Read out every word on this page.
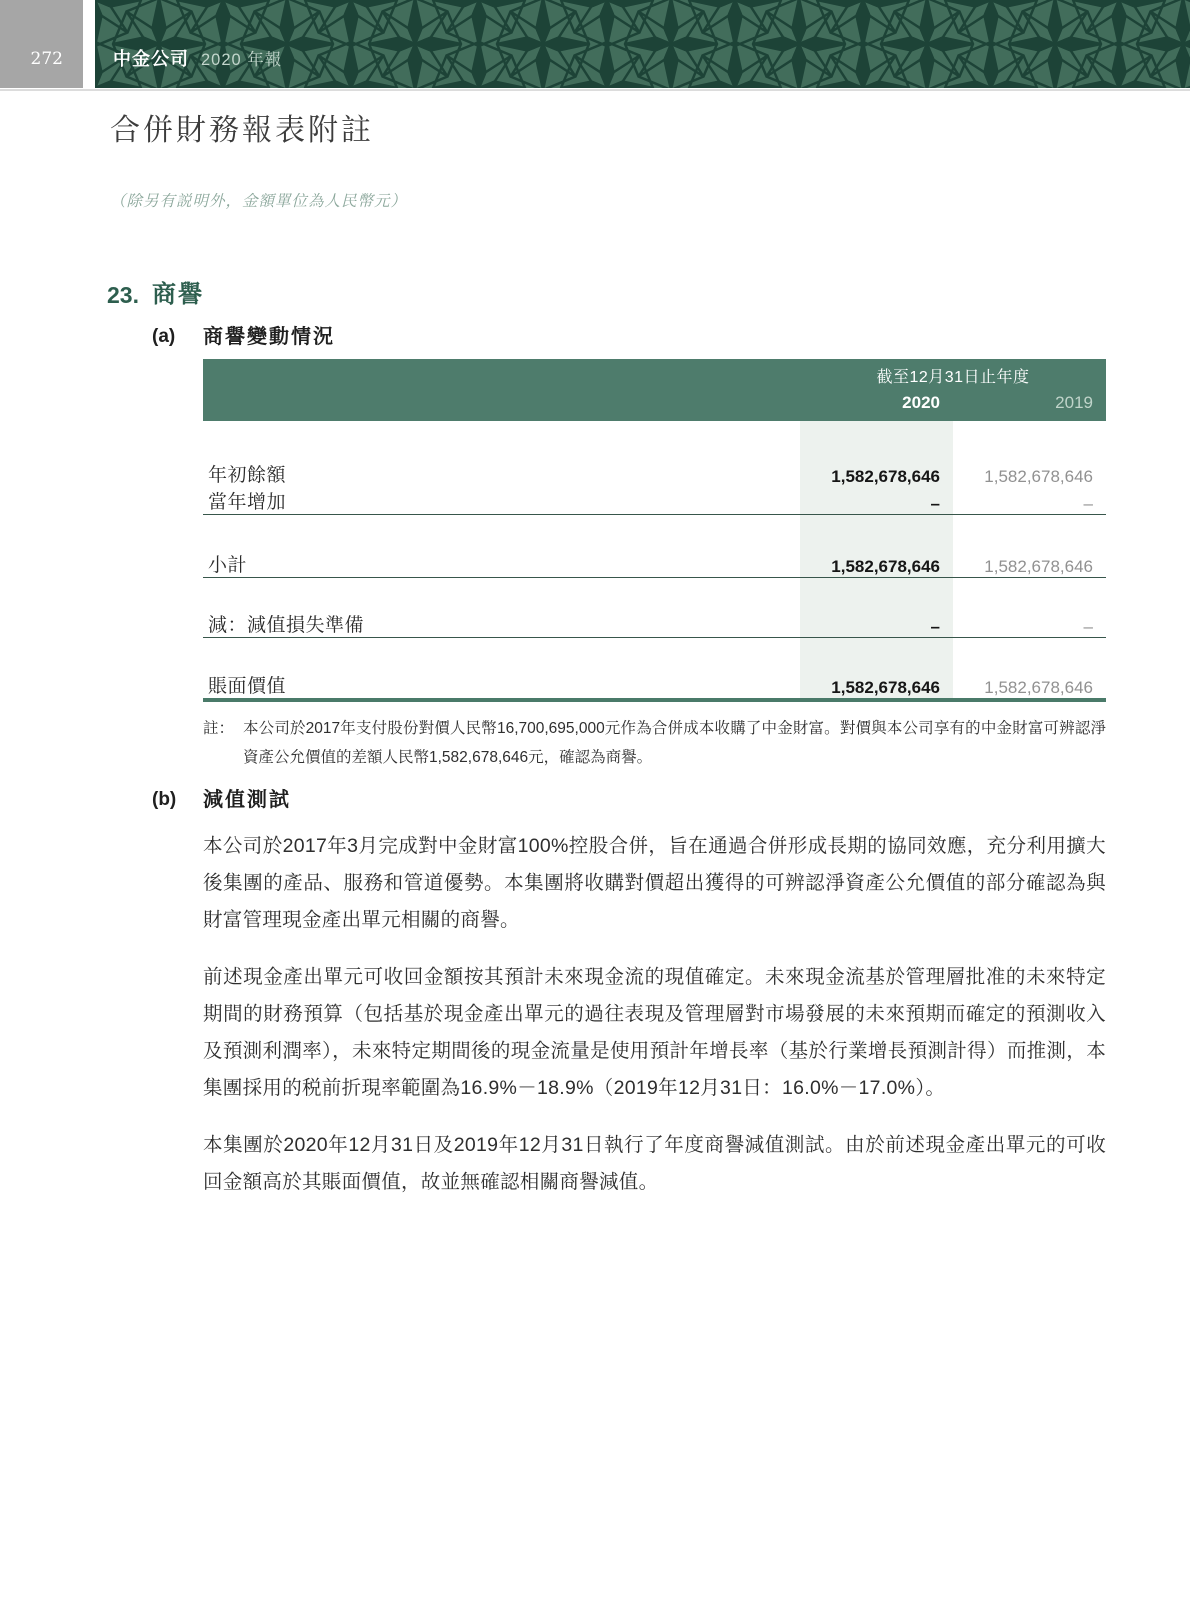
272	中金公司 2020 年報
合併財務報表附註
（除另有説明外，金額單位為人民幣元）
23. 商譽
(a)	商譽變動情況
截至12月31日止年度
2020	2019
年初餘額	1,582,678,646	1,582,678,646
當年增加	–	–
小計	1,582,678,646	1,582,678,646
減：減值損失準備	–	–
賬面價值	1,582,678,646	1,582,678,646
註： 本公司於2017年支付股份對價人民幣16,700,695,000元作為合併成本收購了中金財富。對價與本公司享有的中金財富可辨認淨資產公允價值的差額人民幣1,582,678,646元，確認為商譽。
(b)	減值測試

本公司於2017年3月完成對中金財富100%控股合併，旨在通過合併形成長期的協同效應，充分利用擴大後集團的產品、服務和管道優勢。本集團將收購對價超出獲得的可辨認淨資產公允價值的部分確認為與財富管理現金產出單元相關的商譽。

前述現金產出單元可收回金額按其預計未來現金流的現值確定。未來現金流基於管理層批准的未來特定期間的財務預算（包括基於現金產出單元的過往表現及管理層對市場發展的未來預期而確定的預測收入及預測利潤率），未來特定期間後的現金流量是使用預計年增長率（基於行業增長預測計得）而推測，本集團採用的税前折現率範圍為16.9%－18.9%（2019年12月31日：16.0%－17.0%）。

本集團於2020年12月31日及2019年12月31日執行了年度商譽減值測試。由於前述現金產出單元的可收回金額高於其賬面價值，故並無確認相關商譽減值。
